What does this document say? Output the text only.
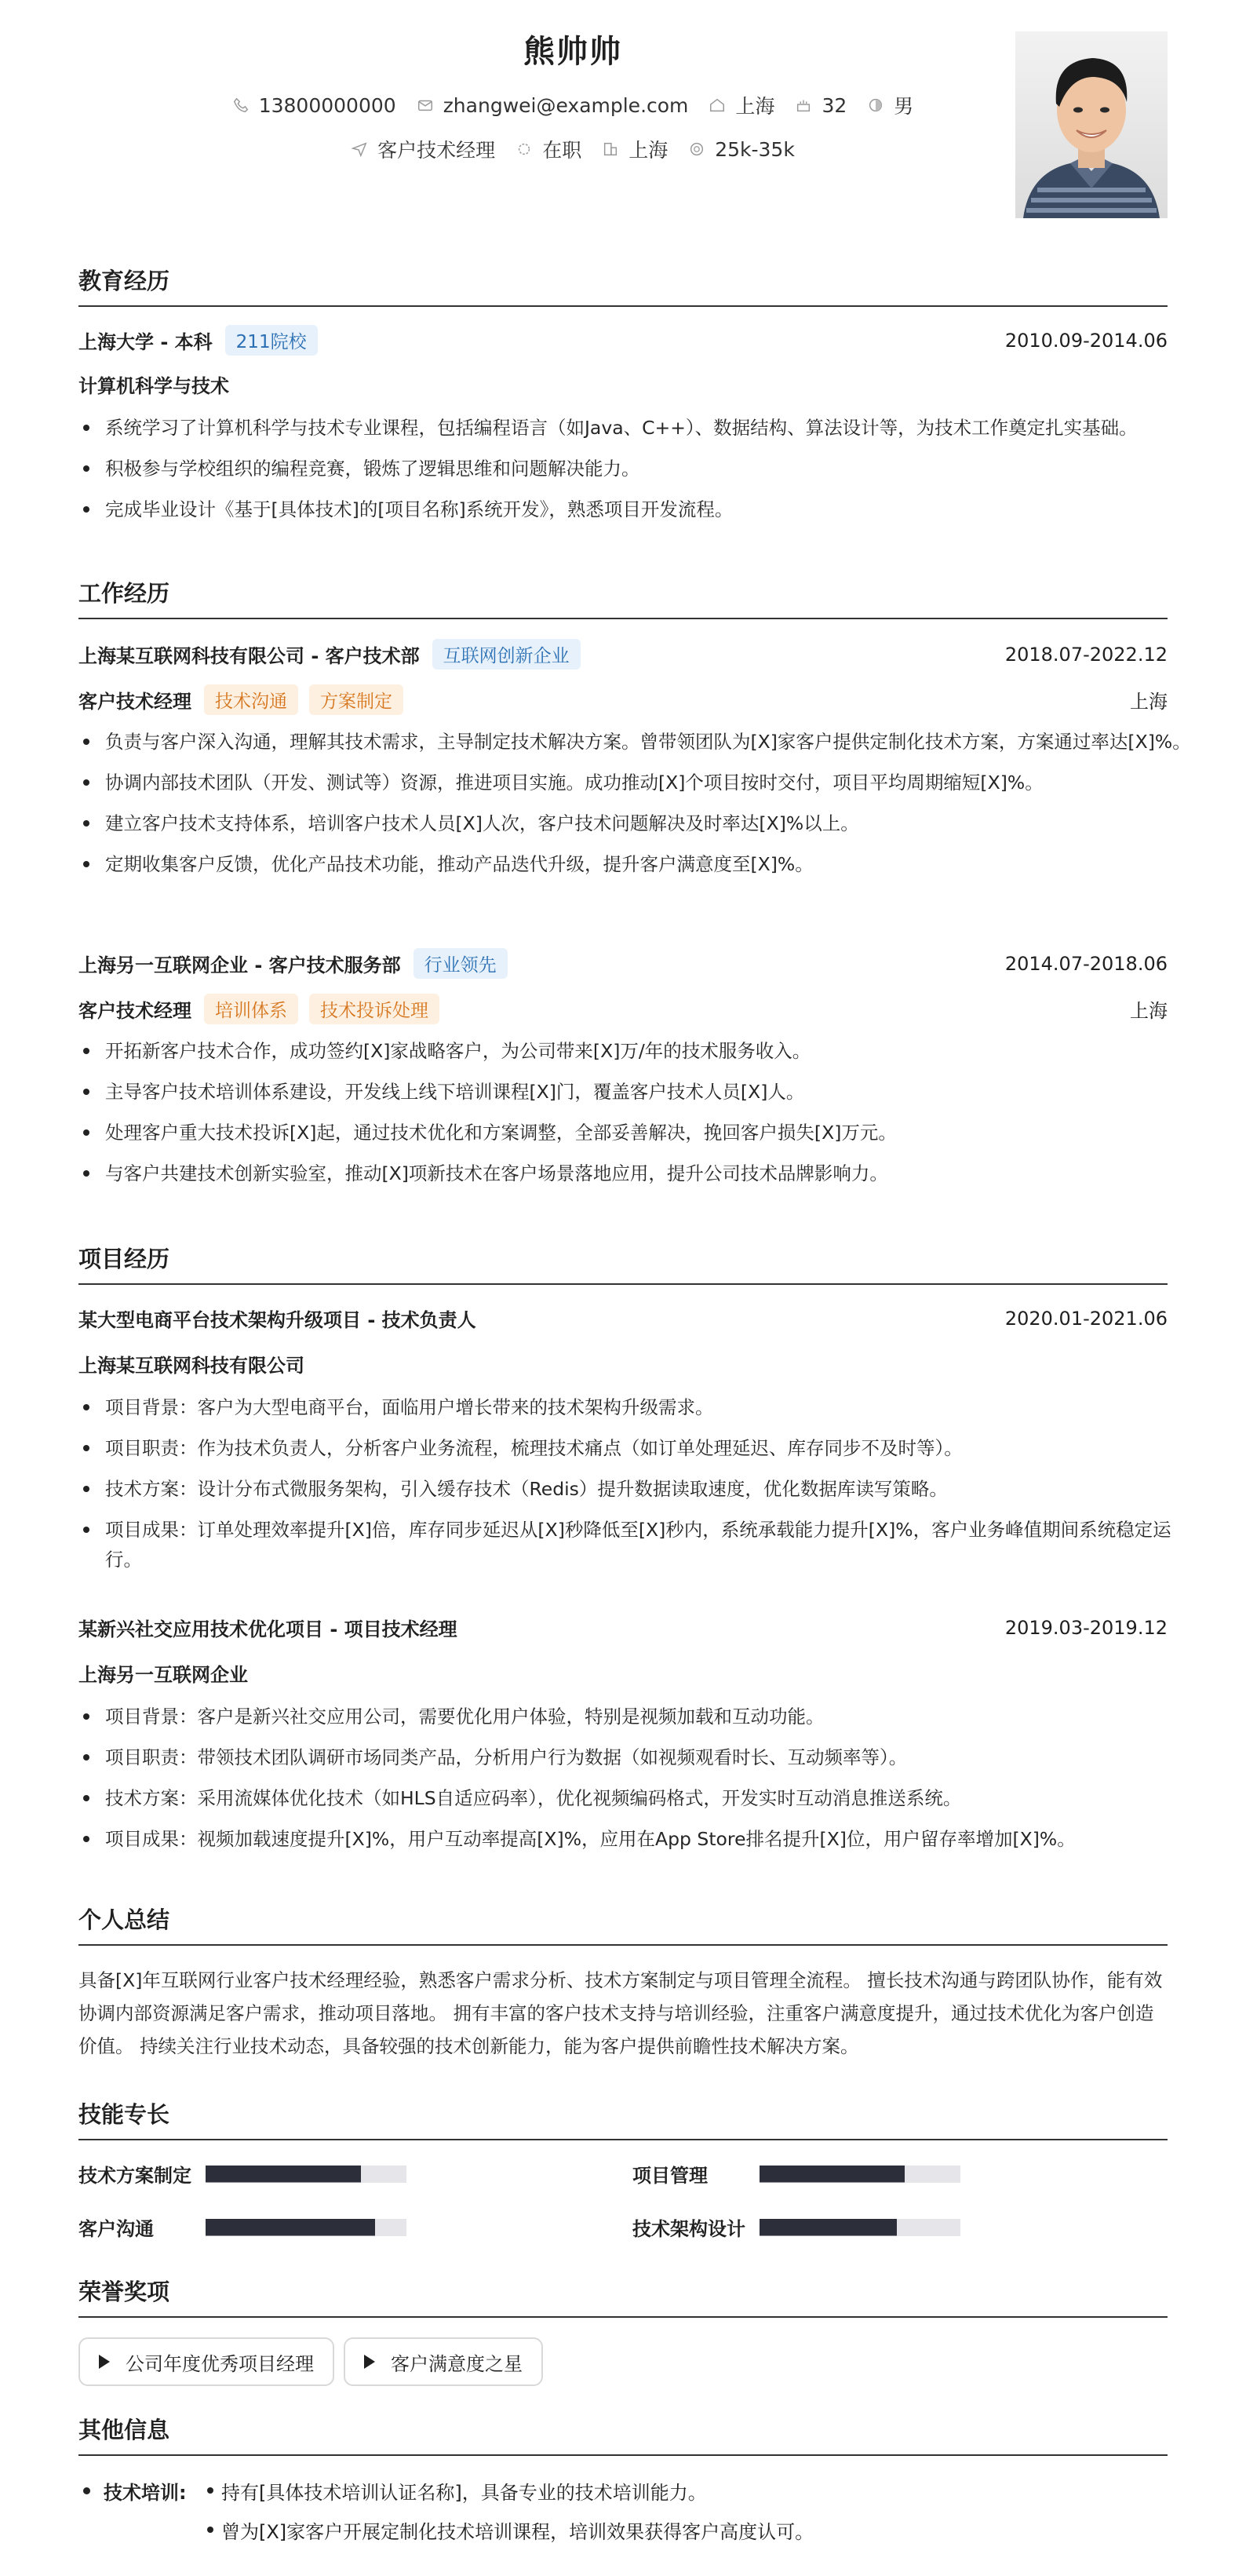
熊帅帅
13800000000 zhangwei@example.com 上海 32 男
客户技术经理 在职 上海 25k-35k
教育经历
上海大学 - 本科	211院校	2010.09-2014.06
计算机科学与技术
系统学习了计算机科学与技术专业课程，包括编程语言（如Java、C++）、数据结构、算法设计等，为技术工作奠定扎实基础。
积极参与学校组织的编程竞赛，锻炼了逻辑思维和问题解决能力。
完成毕业设计《基于[具体技术]的[项目名称]系统开发》，熟悉项目开发流程。
工作经历
上海某互联网科技有限公司 - 客户技术部	互联网创新企业	2018.07-2022.12
客户技术经理	技术沟通	方案制定	上海
负责与客户深入沟通，理解其技术需求，主导制定技术解决方案。曾带领团队为[X]家客户提供定制化技术方案，方案通过率达[X]%。
协调内部技术团队（开发、测试等）资源，推进项目实施。成功推动[X]个项目按时交付，项目平均周期缩短[X]%。
建立客户技术支持体系，培训客户技术人员[X]人次，客户技术问题解决及时率达[X]%以上。
定期收集客户反馈，优化产品技术功能，推动产品迭代升级，提升客户满意度至[X]%。
上海另一互联网企业 - 客户技术服务部	行业领先	2014.07-2018.06
客户技术经理	培训体系	技术投诉处理	上海
开拓新客户技术合作，成功签约[X]家战略客户，为公司带来[X]万/年的技术服务收入。
主导客户技术培训体系建设，开发线上线下培训课程[X]门，覆盖客户技术人员[X]人。
处理客户重大技术投诉[X]起，通过技术优化和方案调整，全部妥善解决，挽回客户损失[X]万元。
与客户共建技术创新实验室，推动[X]项新技术在客户场景落地应用，提升公司技术品牌影响力。
项目经历
某大型电商平台技术架构升级项目 - 技术负责人	2020.01-2021.06
上海某互联网科技有限公司
项目背景：客户为大型电商平台，面临用户增长带来的技术架构升级需求。
项目职责：作为技术负责人，分析客户业务流程，梳理技术痛点（如订单处理延迟、库存同步不及时等）。
技术方案：设计分布式微服务架构，引入缓存技术（Redis）提升数据读取速度，优化数据库读写策略。
项目成果：订单处理效率提升[X]倍，库存同步延迟从[X]秒降低至[X]秒内，系统承载能力提升[X]%，客户业务峰值期间系统稳定运行。
某新兴社交应用技术优化项目 - 项目技术经理	2019.03-2019.12
上海另一互联网企业
项目背景：客户是新兴社交应用公司，需要优化用户体验，特别是视频加载和互动功能。
项目职责：带领技术团队调研市场同类产品，分析用户行为数据（如视频观看时长、互动频率等）。
技术方案：采用流媒体优化技术（如HLS自适应码率），优化视频编码格式，开发实时互动消息推送系统。
项目成果：视频加载速度提升[X]%，用户互动率提高[X]%，应用在App Store排名提升[X]位，用户留存率增加[X]%。
个人总结
具备[X]年互联网行业客户技术经理经验，熟悉客户需求分析、技术方案制定与项目管理全流程。 擅长技术沟通与跨团队协作，能有效协调内部资源满足客户需求，推动项目落地。 拥有丰富的客户技术支持与培训经验，注重客户满意度提升，通过技术优化为客户创造价值。 持续关注行业技术动态，具备较强的技术创新能力，能为客户提供前瞻性技术解决方案。
技能专长
技术方案制定	项目管理
客户沟通	技术架构设计
荣誉奖项
公司年度优秀项目经理	客户满意度之星
其他信息
技术培训: 持有[具体技术培训认证名称]，具备专业的技术培训能力。
曾为[X]家客户开展定制化技术培训课程，培训效果获得客户高度认可。
